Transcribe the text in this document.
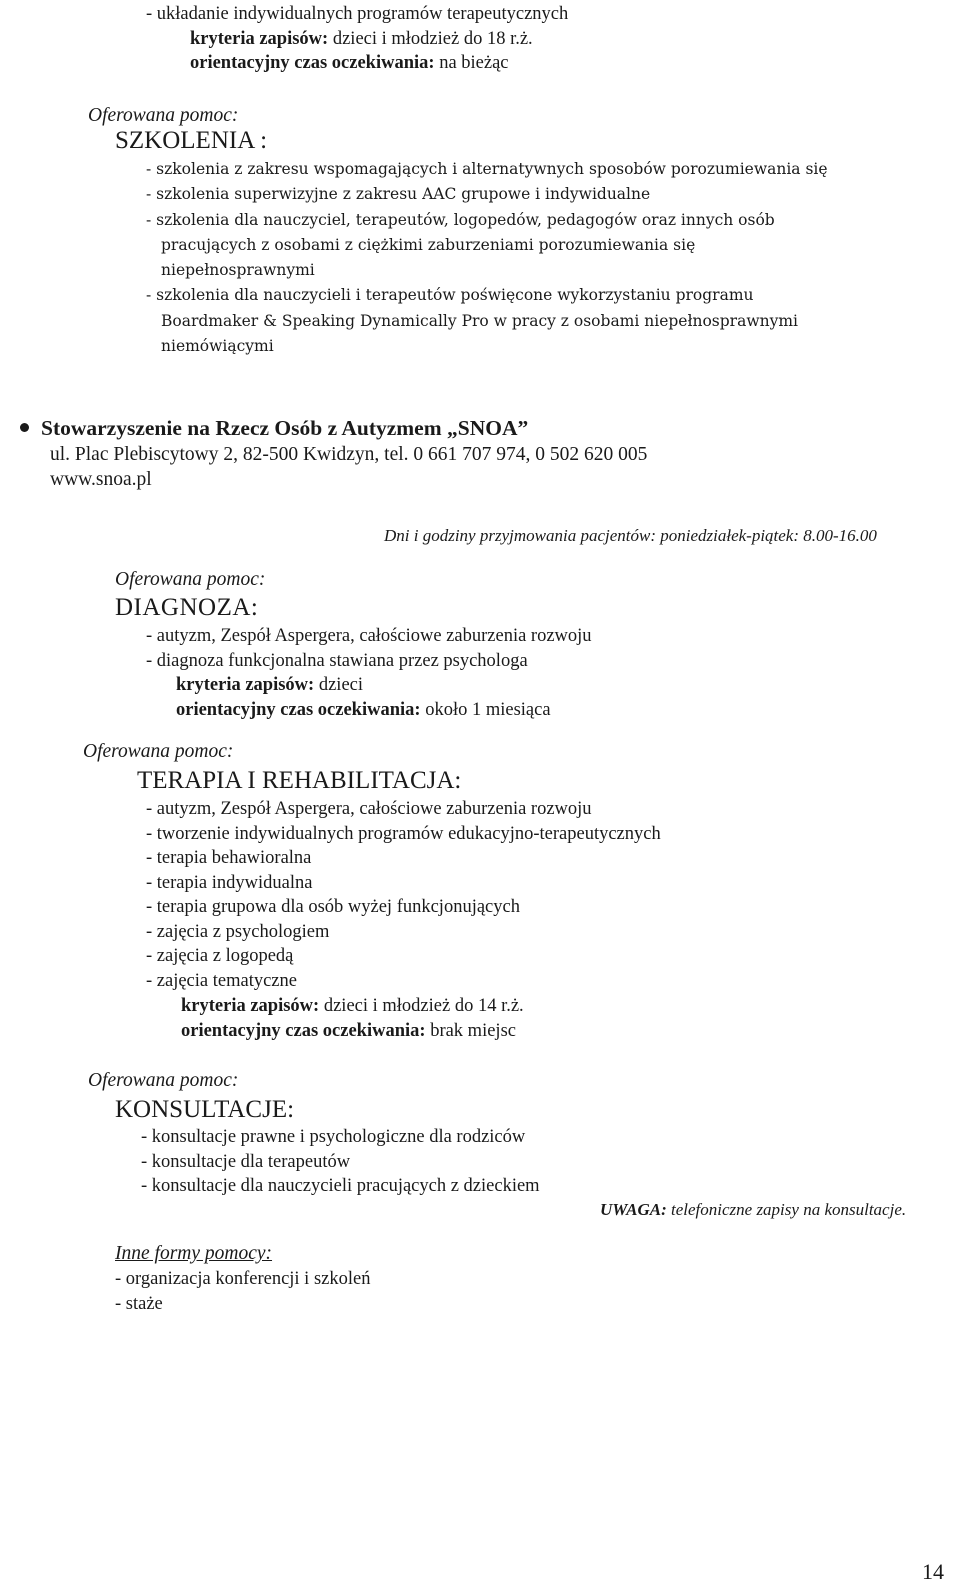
- układanie indywidualnych programów terapeutycznych
kryteria zapisów: dzieci i młodzież do 18 r.ż.
orientacyjny czas oczekiwania: na bieżąc
Oferowana pomoc:
SZKOLENIA :
- szkolenia z zakresu wspomagających i alternatywnych sposobów porozumiewania się
- szkolenia superwizyjne z zakresu AAC grupowe i indywidualne
- szkolenia dla nauczyciel, terapeutów, logopedów, pedagogów oraz innych osób
pracujących z osobami z ciężkimi zaburzeniami porozumiewania się
niepełnosprawnymi
- szkolenia dla nauczycieli i terapeutów poświęcone wykorzystaniu programu
Boardmaker & Speaking Dynamically Pro w pracy z osobami niepełnosprawnymi
niemówiącymi
Stowarzyszenie na Rzecz Osób z Autyzmem „SNOA”
ul. Plac Plebiscytowy 2, 82-500 Kwidzyn, tel. 0 661 707 974, 0 502 620 005
www.snoa.pl
Dni i godziny przyjmowania pacjentów: poniedziałek-piątek: 8.00-16.00
Oferowana pomoc:
DIAGNOZA:
- autyzm, Zespół Aspergera, całościowe zaburzenia rozwoju
- diagnoza funkcjonalna stawiana przez psychologa
kryteria zapisów: dzieci
orientacyjny czas oczekiwania: około 1 miesiąca
Oferowana pomoc:
TERAPIA I REHABILITACJA:
- autyzm, Zespół Aspergera, całościowe zaburzenia rozwoju
- tworzenie indywidualnych programów edukacyjno-terapeutycznych
- terapia behawioralna
- terapia indywidualna
- terapia grupowa dla osób wyżej funkcjonujących
- zajęcia z psychologiem
- zajęcia z logopedą
- zajęcia tematyczne
kryteria zapisów: dzieci i młodzież do 14 r.ż.
orientacyjny czas oczekiwania: brak miejsc
Oferowana pomoc:
KONSULTACJE:
- konsultacje prawne i psychologiczne dla rodziców
- konsultacje dla terapeutów
- konsultacje dla nauczycieli pracujących z dzieckiem
UWAGA: telefoniczne zapisy na konsultacje.
Inne formy pomocy:
- organizacja konferencji i szkoleń
- staże
14
